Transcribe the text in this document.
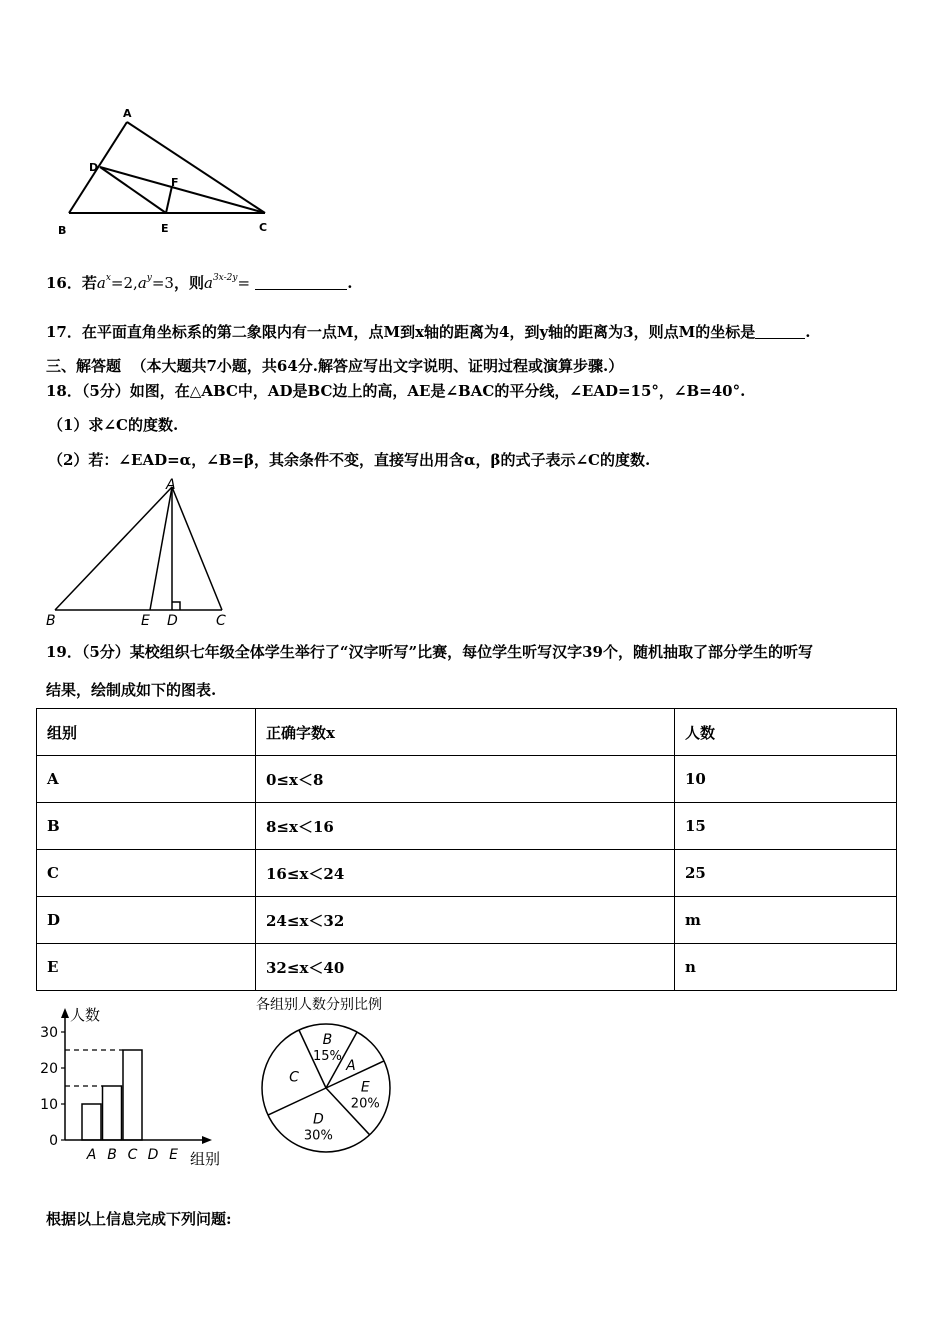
A
D
F
B	E	C
16．若$a^x=2,a^y=3$，则$a^{3x-2y}=$	.
17．在平面直角坐标系的第二象限内有一点M，点M到x轴的距离为4，到y轴的距离为3，则点M的坐标是	.
三、解答题 （本大题共7小题，共64分.解答应写出文字说明、证明过程或演算步骤.）
18．（5分）如图，在△ABC中，AD是BC边上的高，AE是∠BAC的平分线，∠EAD=15°，∠B=40°.
（1）求∠C的度数.
（2）若：∠EAD=α，∠B=β，其余条件不变，直接写出用含α，β的式子表示∠C的度数.
A
B	E D	C
19．（5分）某校组织七年级全体学生举行了“汉字听写”比赛，每位学生听写汉字39个，随机抽取了部分学生的听写
结果，绘制成如下的图表.
组别	正确字数x	人数
A	0≤x＜8	10
B	8≤x＜16	15
C	16≤x＜24	25
D	24≤x＜32	m
E	32≤x＜40	n
0
10
20
30
A B C D E
人数
组别
各组别人数分别比例
B
15%
A
E
20%
D
30%
C
根据以上信息完成下列问题:
